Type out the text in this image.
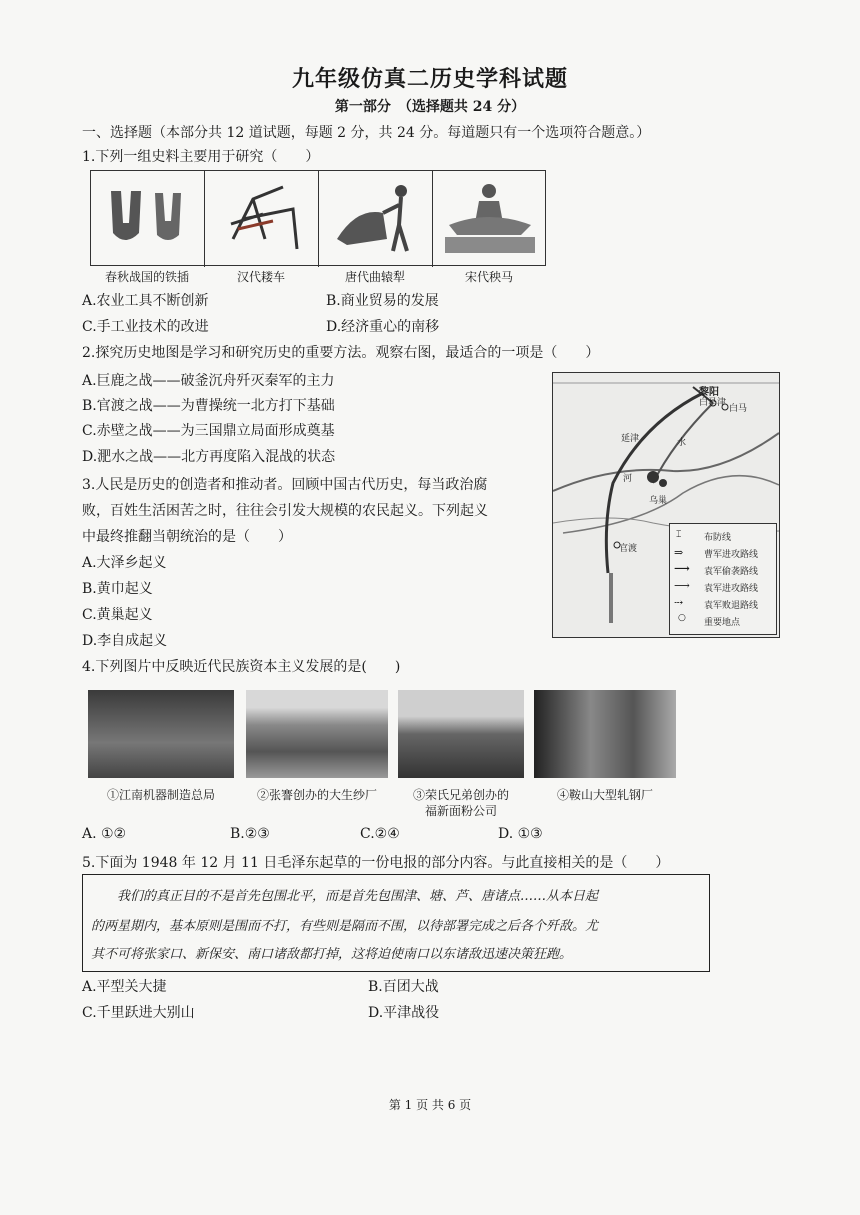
九年级仿真二历史学科试题
第一部分　（选择题共 24 分）
一、选择题（本部分共 12 道试题，每题 2 分，共 24 分。每道题只有一个选项符合题意。）
1.下列一组史料主要用于研究（　　）
春秋战国的铁插	汉代耧车	唐代曲辕犁	宋代秧马
A.农业工具不断创新	B.商业贸易的发展
C.手工业技术的改进	D.经济重心的南移
2.探究历史地图是学习和研究历史的重要方法。观察右图，最适合的一项是（　　）
A.巨鹿之战——破釜沉舟歼灭秦军的主力
B.官渡之战——为曹操统一北方打下基础
C.赤壁之战——为三国鼎立局面形成奠基
D.淝水之战——北方再度陷入混战的状态
黎阳
白马津
白马
延津
乌巢
官渡
河
水
⌶	布防线
⇒ 曹军进攻路线
⟶ 袁军偷袭路线
⟶ 袁军进攻路线
⤏ 袁军败退路线
○ 重要地点
3.人民是历史的创造者和推动者。回顾中国古代历史，每当政治腐
败，百姓生活困苦之时，往往会引发大规模的农民起义。下列起义
中最终推翻当朝统治的是（　　）
A.大泽乡起义
B.黄巾起义
C.黄巢起义
D.李自成起义
4.下列图片中反映近代民族资本主义发展的是(　　)
①江南机器制造总局	②张謇创办的大生纱厂	③荣氏兄弟创办的
福新面粉公司
④鞍山大型轧钢厂
A. ①②	B.②③	C.②④	D. ①③
5.下面为 1948 年 12 月 11 日毛泽东起草的一份电报的部分内容。与此直接相关的是（　　）
我们的真正目的不是首先包围北平，而是首先包围津、塘、芦、唐诸点……从本日起
的两星期内，基本原则是围而不打，有些则是隔而不围，以待部署完成之后各个歼敌。尤
其不可将张家口、新保安、南口诸敌都打掉，这将迫使南口以东诸敌迅速决策狂跑。
A.平型关大捷	B.百团大战
C.千里跃进大别山	D.平津战役
第 1 页 共 6 页
